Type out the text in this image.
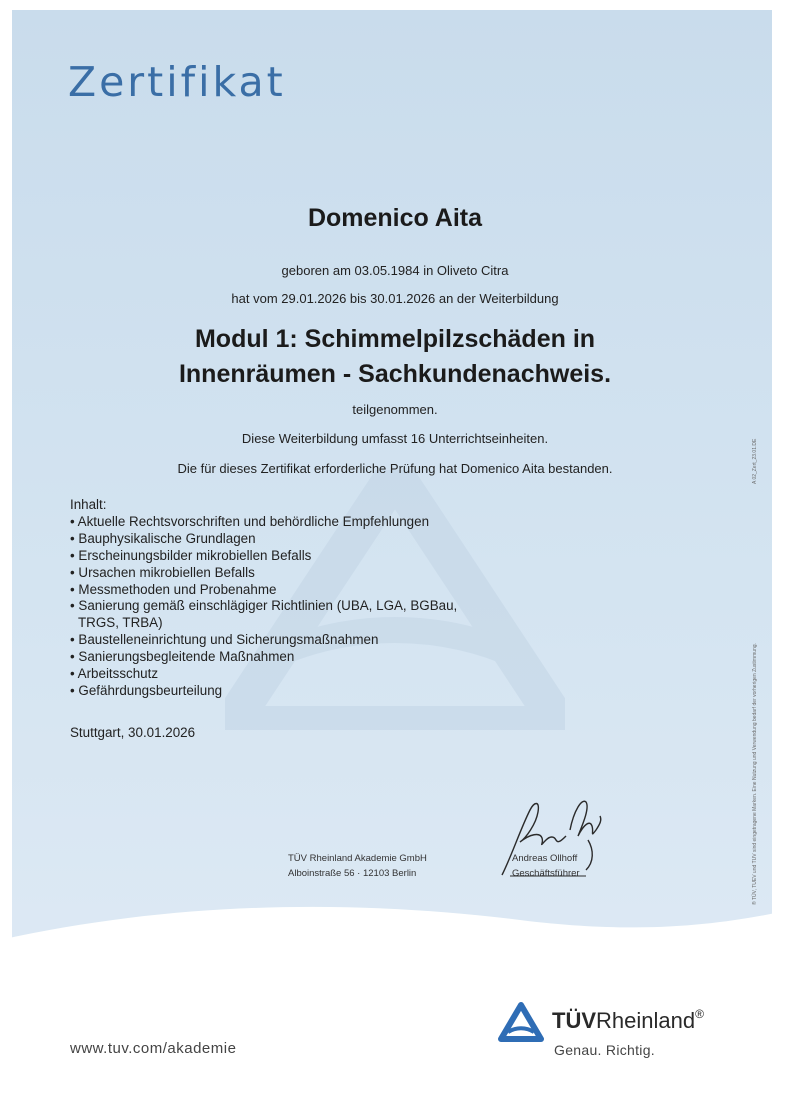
Zertifikat
Domenico Aita
geboren am 03.05.1984 in Oliveto Citra
hat vom 29.01.2026 bis 30.01.2026 an der Weiterbildung
Modul 1: Schimmelpilzschäden in
Innenräumen - Sachkundenachweis.
teilgenommen.
Diese Weiterbildung umfasst 16 Unterrichtseinheiten.
Die für dieses Zertifikat erforderliche Prüfung hat Domenico Aita bestanden.
Inhalt:
• Aktuelle Rechtsvorschriften und behördliche Empfehlungen
• Bauphysikalische Grundlagen
• Erscheinungsbilder mikrobiellen Befalls
• Ursachen mikrobiellen Befalls
• Messmethoden und Probenahme
• Sanierung gemäß einschlägiger Richtlinien (UBA, LGA, BGBau,
TRGS, TRBA)
• Baustelleneinrichtung und Sicherungsmaßnahmen
• Sanierungsbegleitende Maßnahmen
• Arbeitsschutz
• Gefährdungsbeurteilung
Stuttgart, 30.01.2026
TÜV Rheinland Akademie GmbH
Alboinstraße 56 · 12103 Berlin
Andreas Ollhoff
Geschäftsführer	® TÜV, TUEV und TUV sind eingetragene Marken. Eine Nutzung und Verwendung bedarf der vorherigen Zustimmung.
A 02_Zert_23.01.DE
www.tuv.com/akademie
TÜVRheinland®
Genau. Richtig.
